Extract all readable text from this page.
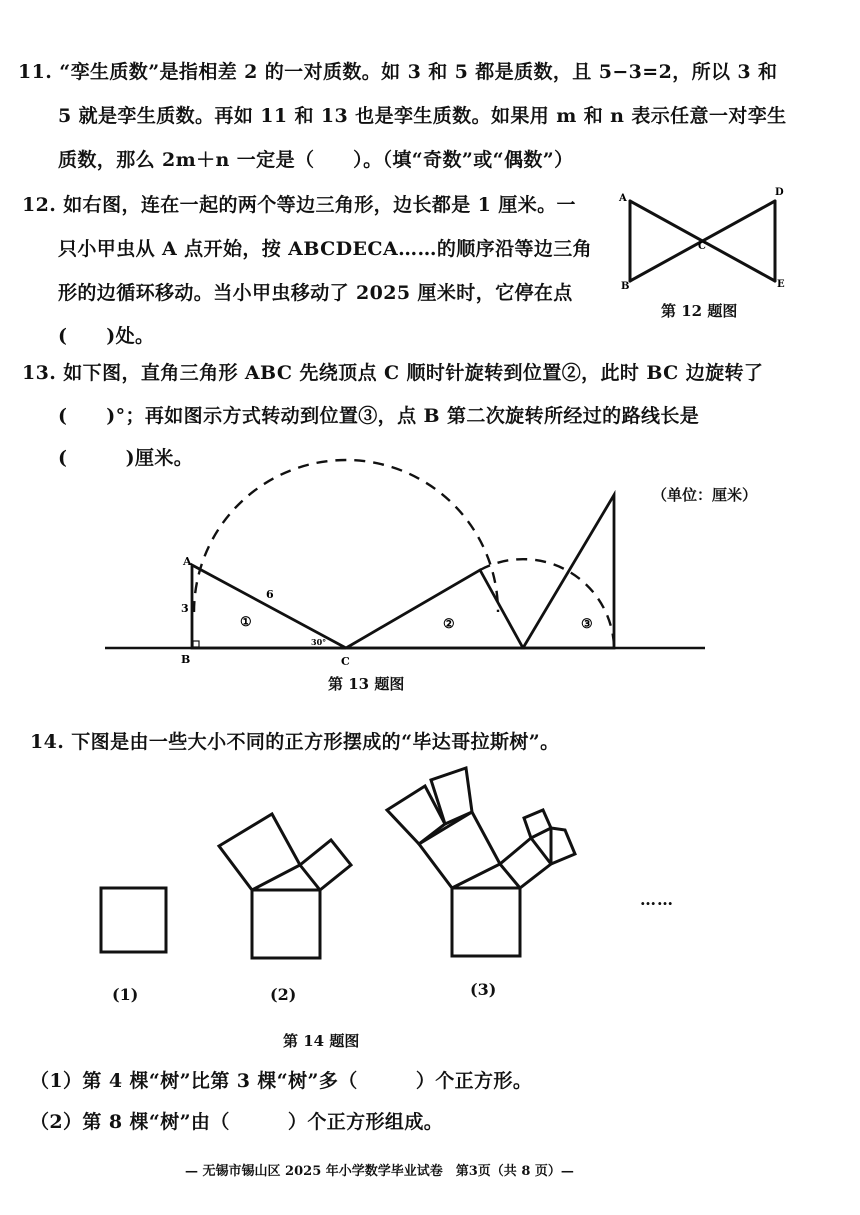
11. “孪生质数”是指相差 2 的一对质数。如 3 和 5 都是质数，且 5−3=2，所以 3 和
5 就是孪生质数。再如 11 和 13 也是孪生质数。如果用 m 和 n 表示任意一对孪生
质数，那么 2m＋n 一定是（　　）。（填“奇数”或“偶数”）
12. 如右图，连在一起的两个等边三角形，边长都是 1 厘米。一
只小甲虫从 A 点开始，按 ABCDECA……的顺序沿等边三角
形的边循环移动。当小甲虫移动了 2025 厘米时，它停在点
(　　)处。
A
B
C
D
E
第 12 题图
13. 如下图，直角三角形 ABC 先绕顶点 C 顺时针旋转到位置②，此时 BC 边旋转了
(　　)°；再如图示方式转动到位置③，点 B 第二次旋转所经过的路线长是
(　　　)厘米。
（单位：厘米）
A
B	C
3
6
30°
①	②	③
第 13 题图
14. 下图是由一些大小不同的正方形摆成的“毕达哥拉斯树”。
……
(1)	(2)	(3)
第 14 题图
（1）第 4 棵“树”比第 3 棵“树”多（　　　）个正方形。
（2）第 8 棵“树”由（　　　）个正方形组成。
— 无锡市锡山区 2025 年小学数学毕业试卷　第3页（共 8 页）—
